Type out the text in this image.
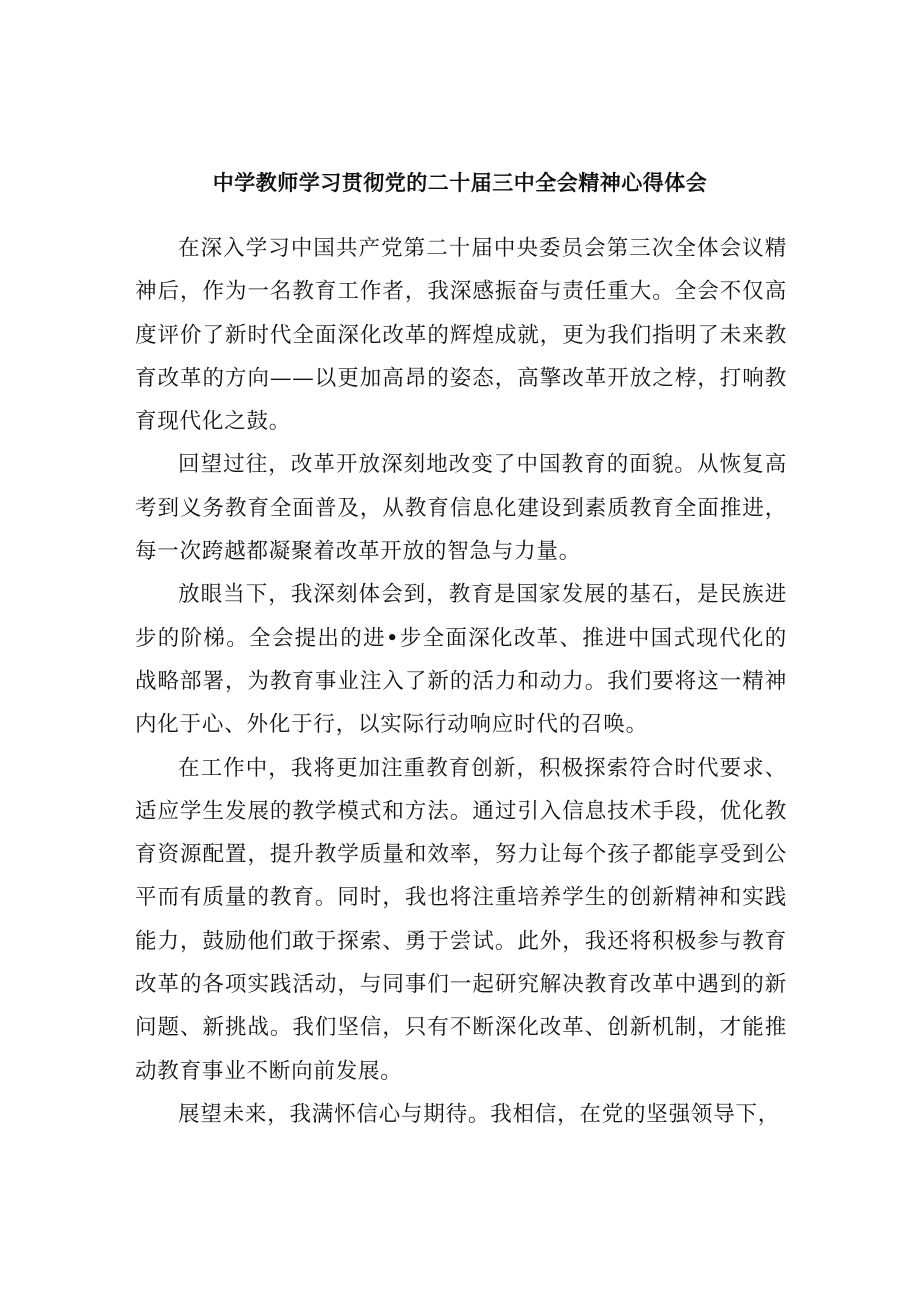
中学教师学习贯彻党的二十届三中全会精神心得体会

在深入学习中国共产党第二十届中央委员会第三次全体会议精神后，作为一名教育工作者，我深感振奋与责任重大。全会不仅高度评价了新时代全面深化改革的辉煌成就，更为我们指明了未来教育改革的方向——以更加高昂的姿态，高擎改革开放之桲，打响教育现代化之鼓。

回望过往，改革开放深刻地改变了中国教育的面貌。从恢复高考到义务教育全面普及，从教育信息化建设到素质教育全面推进，每一次跨越都凝聚着改革开放的智急与力量。

放眼当下，我深刻体会到，教育是国家发展的基石，是民族进步的阶梯。全会提出的进•步全面深化改革、推进中国式现代化的战略部署，为教育事业注入了新的活力和动力。我们要将这一精神内化于心、外化于行，以实际行动响应时代的召唤。

在工作中，我将更加注重教育创新，积极探索符合时代要求、适应学生发展的教学模式和方法。通过引入信息技术手段，优化教育资源配置，提升教学质量和效率，努力让每个孩子都能享受到公平而有质量的教育。同时，我也将注重培养学生的创新精神和实践能力，鼓励他们敢于探索、勇于尝试。此外，我还将积极参与教育改革的各项实践活动，与同事们一起研究解决教育改革中遇到的新问题、新挑战。我们坚信，只有不断深化改革、创新机制，才能推动教育事业不断向前发展。

展望未来，我满怀信心与期待。我相信，在党的坚强领导下，
